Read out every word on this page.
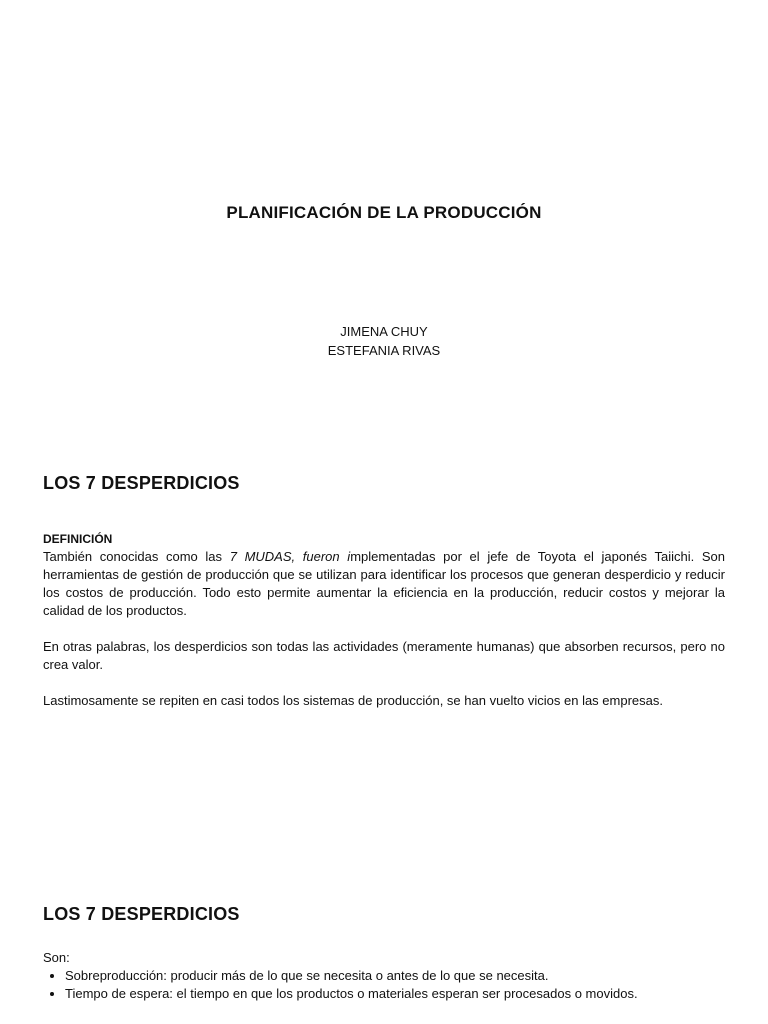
PLANIFICACIÓN DE LA PRODUCCIÓN
JIMENA CHUY
ESTEFANIA RIVAS
LOS 7 DESPERDICIOS
DEFINICIÓN

También conocidas como las 7 MUDAS, fueron implementadas por el jefe de Toyota el japonés Taiichi. Son herramientas de gestión de producción que se utilizan para identificar los procesos que generan desperdicio y reducir los costos de producción. Todo esto permite aumentar la eficiencia en la producción, reducir costos y mejorar la calidad de los productos.

En otras palabras, los desperdicios son todas las actividades (meramente humanas) que absorben recursos, pero no crea valor.

Lastimosamente se repiten en casi todos los sistemas de producción, se han vuelto vicios en las empresas.

LOS 7 DESPERDICIOS
Son:
• Sobreproducción: producir más de lo que se necesita o antes de lo que se necesita.
• Tiempo de espera: el tiempo en que los productos o materiales esperan ser procesados o movidos.
